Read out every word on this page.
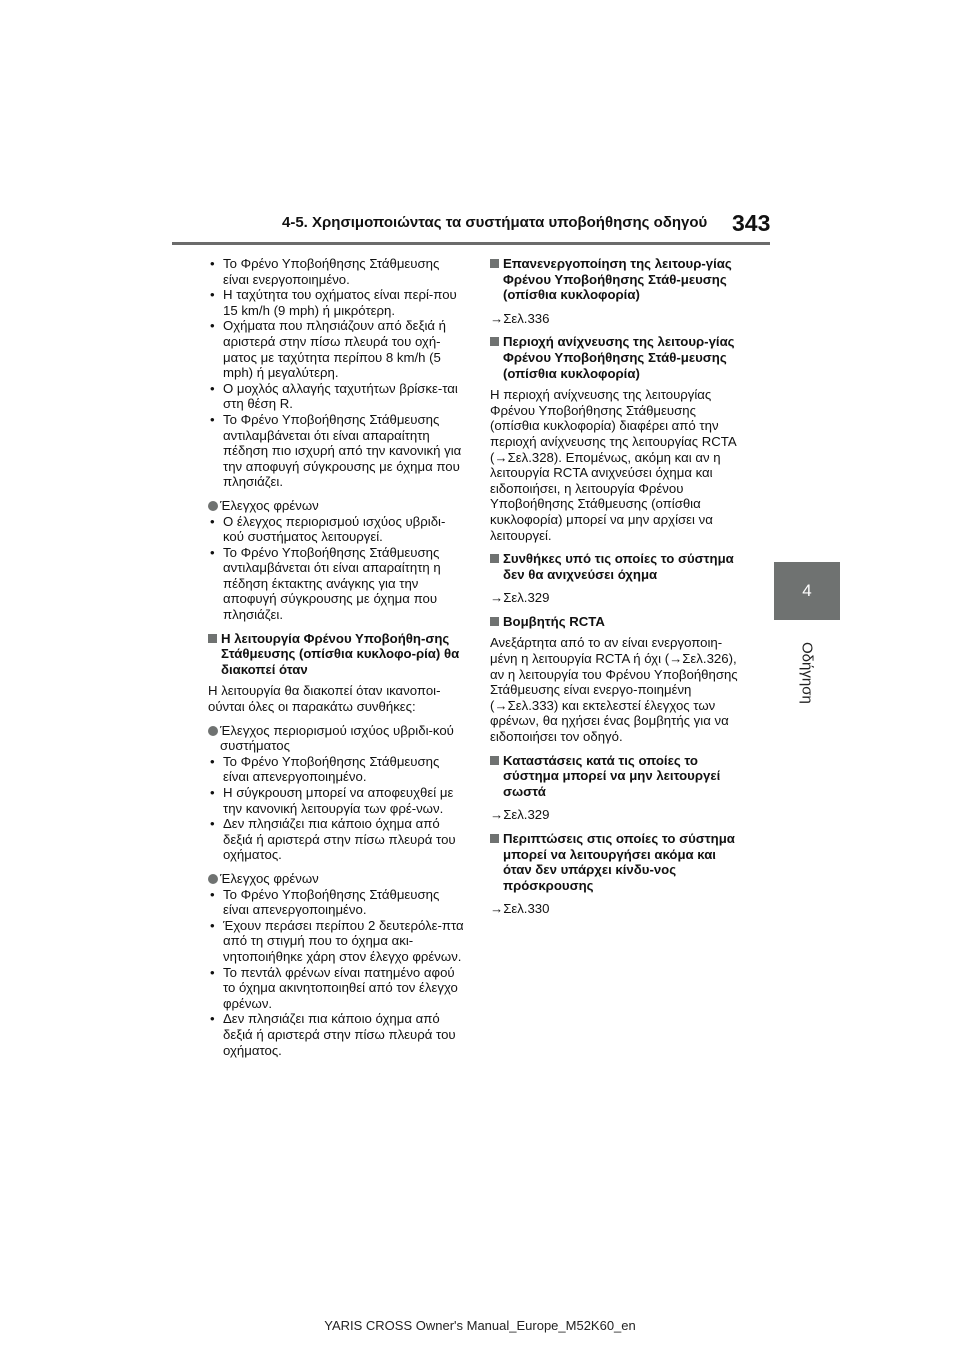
4-5. Χρησιμοποιώντας τα συστήματα υποβοήθησης οδηγού	343
4
Οδήγηση
• Το Φρένο Υποβοήθησης Στάθμευσης είναι ενεργοποιημένο.
• Η ταχύτητα του οχήματος είναι περί-που 15 km/h (9 mph) ή μικρότερη.
• Οχήματα που πλησιάζουν από δεξιά ή αριστερά στην πίσω πλευρά του οχή-ματος με ταχύτητα περίπου 8 km/h (5 mph) ή μεγαλύτερη.
• Ο μοχλός αλλαγής ταχυτήτων βρίσκε-ται στη θέση R.
• Το Φρένο Υποβοήθησης Στάθμευσης αντιλαμβάνεται ότι είναι απαραίτητη πέδηση πιο ισχυρή από την κανονική για την αποφυγή σύγκρουσης με όχημα που πλησιάζει.
Έλεγχος φρένων
• Ο έλεγχος περιορισμού ισχύος υβριδι-κού συστήματος λειτουργεί.
• Το Φρένο Υποβοήθησης Στάθμευσης αντιλαμβάνεται ότι είναι απαραίτητη η πέδηση έκτακτης ανάγκης για την αποφυγή σύγκρουσης με όχημα που πλησιάζει.
Η λειτουργία Φρένου Υποβοήθη-σης Στάθμευσης (οπίσθια κυκλοφο-ρία) θα διακοπεί όταν
Η λειτουργία θα διακοπεί όταν ικανοποι-ούνται όλες οι παρακάτω συνθήκες:
Έλεγχος περιορισμού ισχύος υβριδι-κού συστήματος
• Το Φρένο Υποβοήθησης Στάθμευσης είναι απενεργοποιημένο.
• Η σύγκρουση μπορεί να αποφευχθεί με την κανονική λειτουργία των φρέ-νων.
• Δεν πλησιάζει πια κάποιο όχημα από δεξιά ή αριστερά στην πίσω πλευρά του οχήματος.
Έλεγχος φρένων
• Το Φρένο Υποβοήθησης Στάθμευσης είναι απενεργοποιημένο.
• Έχουν περάσει περίπου 2 δευτερόλε-πτα από τη στιγμή που το όχημα ακι-νητοποιήθηκε χάρη στον έλεγχο φρένων.
• Το πεντάλ φρένων είναι πατημένο αφού το όχημα ακινητοποιηθεί από τον έλεγχο φρένων.
• Δεν πλησιάζει πια κάποιο όχημα από δεξιά ή αριστερά στην πίσω πλευρά του οχήματος.
Επανενεργοποίηση της λειτουρ-γίας Φρένου Υποβοήθησης Στάθ-μευσης (οπίσθια κυκλοφορία)
→Σελ.336
Περιοχή ανίχνευσης της λειτουρ-γίας Φρένου Υποβοήθησης Στάθ-μευσης (οπίσθια κυκλοφορία)
Η περιοχή ανίχνευσης της λειτουργίας Φρένου Υποβοήθησης Στάθμευσης (οπίσθια κυκλοφορία) διαφέρει από την περιοχή ανίχνευσης της λειτουργίας RCTA (→Σελ.328). Επομένως, ακόμη και αν η λειτουργία RCTA ανιχνεύσει όχημα και ειδοποιήσει, η λειτουργία Φρένου Υποβοήθησης Στάθμευσης (οπίσθια κυκλοφορία) μπορεί να μην αρχίσει να λειτουργεί.
Συνθήκες υπό τις οποίες το σύστημα δεν θα ανιχνεύσει όχημα
→Σελ.329
Βομβητής RCTA
Ανεξάρτητα από το αν είναι ενεργοποιη-μένη η λειτουργία RCTA ή όχι (→Σελ.326), αν η λειτουργία του Φρένου Υποβοήθησης Στάθμευσης είναι ενεργο-ποιημένη (→Σελ.333) και εκτελεστεί έλεγχος των φρένων, θα ηχήσει ένας βομβητής για να ειδοποιήσει τον οδηγό.
Καταστάσεις κατά τις οποίες το σύστημα μπορεί να μην λειτουργεί σωστά
→Σελ.329
Περιπτώσεις στις οποίες το σύστημα μπορεί να λειτουργήσει ακόμα και όταν δεν υπάρχει κίνδυ-νος πρόσκρουσης
→Σελ.330
YARIS CROSS Owner's Manual_Europe_M52K60_en
